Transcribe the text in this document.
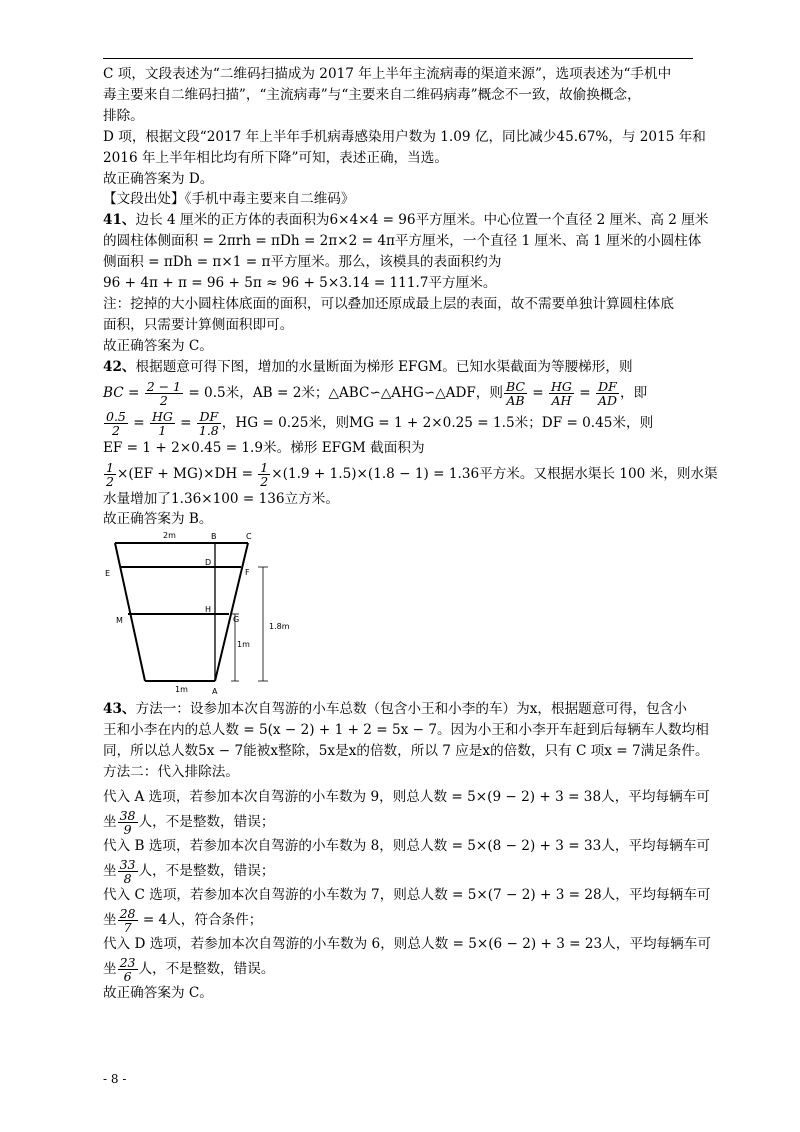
C 项，文段表述为“二维码扫描成为 2017 年上半年主流病毒的渠道来源”，选项表述为“手机中

毒主要来自二维码扫描”，“主流病毒”与“主要来自二维码病毒”概念不一致，故偷换概念，

排除。

D 项，根据文段“2017 年上半年手机病毒感染用户数为 1.09 亿，同比减少45.67%，与 2015 年和

2016 年上半年相比均有所下降”可知，表述正确，当选。

故正确答案为 D。

【文段出处】《手机中毒主要来自二维码》

41、边长 4 厘米的正方体的表面积为6×4×4 = 96平方厘米。中心位置一个直径 2 厘米、高 2 厘米

的圆柱体侧面积 = 2πrh = πDh = 2π×2 = 4π平方厘米，一个直径 1 厘米、高 1 厘米的小圆柱体

侧面积 = πDh = π×1 = π平方厘米。那么，该模具的表面积约为

96 + 4π + π = 96 + 5π ≈ 96 + 5×3.14 = 111.7平方厘米。

注：挖掉的大小圆柱体底面的面积，可以叠加还原成最上层的表面，故不需要单独计算圆柱体底

面积，只需要计算侧面积即可。

故正确答案为 C。

42、根据题意可得下图，增加的水量断面为梯形 EFGM。已知水渠截面为等腰梯形，则

BC = $\frac{2 - 1}{2} = 0.5$米，AB = 2米；△ABC∽△AHG∽△ADF，则 $\frac{BC}{AB} = \frac{HG}{AH} = \frac{DF}{AD}$ ，即

$\frac{0.5}{2} = \frac{HG}{1} = \frac{DF}{1.8}$ ，HG = 0.25米，则MG = 1 + 2×0.25 = 1.5米；DF = 0.45米，则

EF = 1 + 2×0.45 = 1.9米。梯形 EFGM 截面积为

$\frac{1}{2} \times(EF + MG)\times DH = \frac{1}{2} \times(1.9 + 1.5)\times(1.8 - 1) = 1.36$平方米。又根据水渠长 100 米，则水渠

水量增加了1.36×100 = 136立方米。

故正确答案为 B。

2m	B	C
D
E	F
M
H
G
A
1.8m
1m
1m

43、方法一：设参加本次自驾游的小车总数（包含小王和小李的车）为x，根据题意可得，包含小

王和小李在内的总人数 = 5(x − 2) + 1 + 2 = 5x − 7。因为小王和小李开车赶到后每辆车人数均相

同，所以总人数5x − 7能被x整除，5x是x的倍数，所以 7 应是x的倍数，只有 C 项x = 7满足条件。

方法二：代入排除法。

代入 A 选项，若参加本次自驾游的小车数为 9，则总人数 = 5×(9 − 2) + 3 = 38人，平均每辆车可

坐 $\frac{38}{9}$ 人，不是整数，错误；

代入 B 选项，若参加本次自驾游的小车数为 8，则总人数 = 5×(8 − 2) + 3 = 33人，平均每辆车可

坐 $\frac{33}{8}$ 人，不是整数，错误；

代入 C 选项，若参加本次自驾游的小车数为 7，则总人数 = 5×(7 − 2) + 3 = 28人，平均每辆车可

坐 $\frac{28}{7} = 4$人，符合条件；

代入 D 选项，若参加本次自驾游的小车数为 6，则总人数 = 5×(6 − 2) + 3 = 23人，平均每辆车可

坐 $\frac{23}{6}$ 人，不是整数，错误。

故正确答案为 C。

- 8 -
